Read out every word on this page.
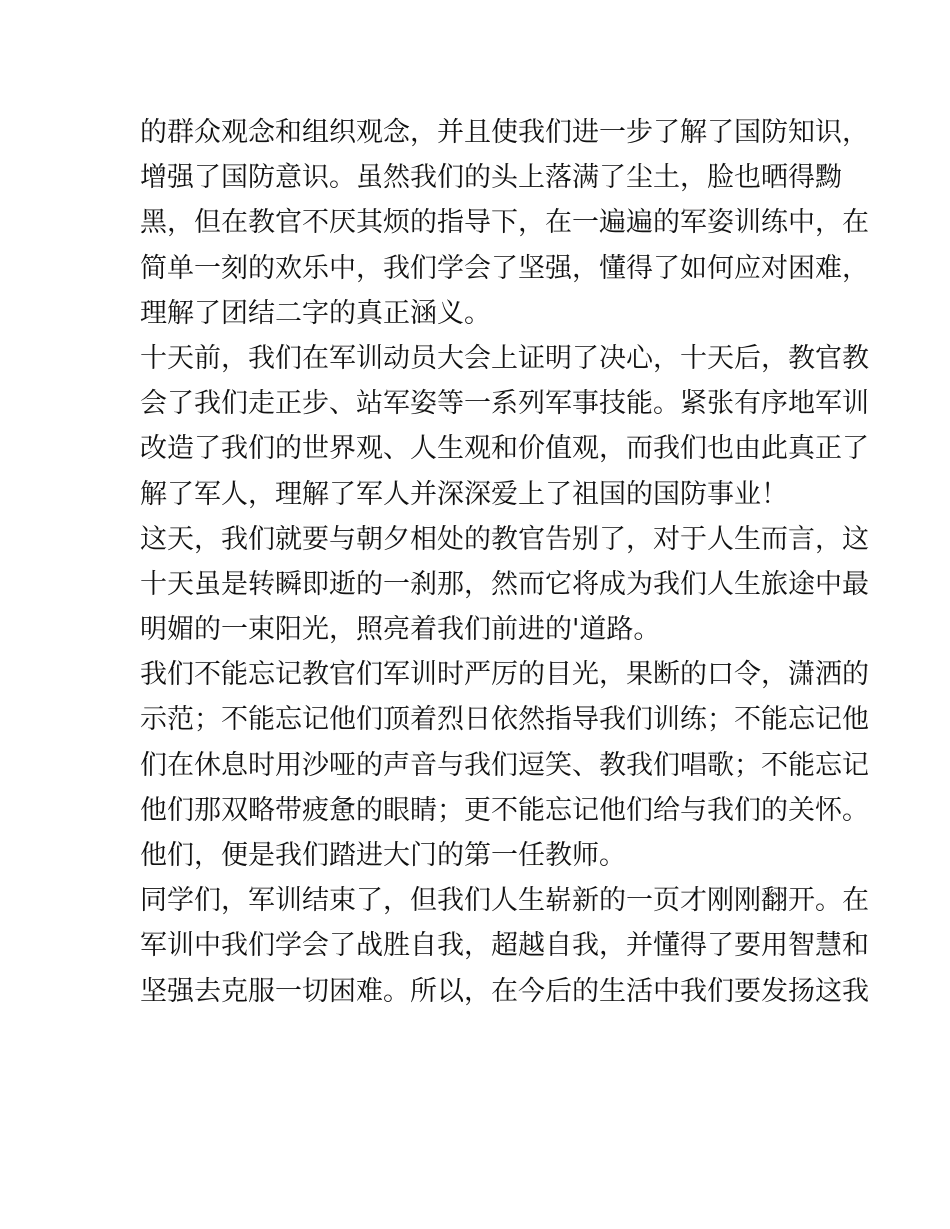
的群众观念和组织观念，并且使我们进一步了解了国防知识，
增强了国防意识。虽然我们的头上落满了尘土，脸也晒得黝
黑，但在教官不厌其烦的指导下，在一遍遍的军姿训练中，在
简单一刻的欢乐中，我们学会了坚强，懂得了如何应对困难，
理解了团结二字的真正涵义。
十天前，我们在军训动员大会上证明了决心，十天后，教官教
会了我们走正步、站军姿等一系列军事技能。紧张有序地军训
改造了我们的世界观、人生观和价值观，而我们也由此真正了
解了军人，理解了军人并深深爱上了祖国的国防事业！
这天，我们就要与朝夕相处的教官告别了，对于人生而言，这
十天虽是转瞬即逝的一刹那，然而它将成为我们人生旅途中最
明媚的一束阳光，照亮着我们前进的'道路。
我们不能忘记教官们军训时严厉的目光，果断的口令，潇洒的
示范；不能忘记他们顶着烈日依然指导我们训练；不能忘记他
们在休息时用沙哑的声音与我们逗笑、教我们唱歌；不能忘记
他们那双略带疲惫的眼睛；更不能忘记他们给与我们的关怀。
他们，便是我们踏进大门的第一任教师。
同学们，军训结束了，但我们人生崭新的一页才刚刚翻开。在
军训中我们学会了战胜自我，超越自我，并懂得了要用智慧和
坚强去克服一切困难。所以，在今后的生活中我们要发扬这我
